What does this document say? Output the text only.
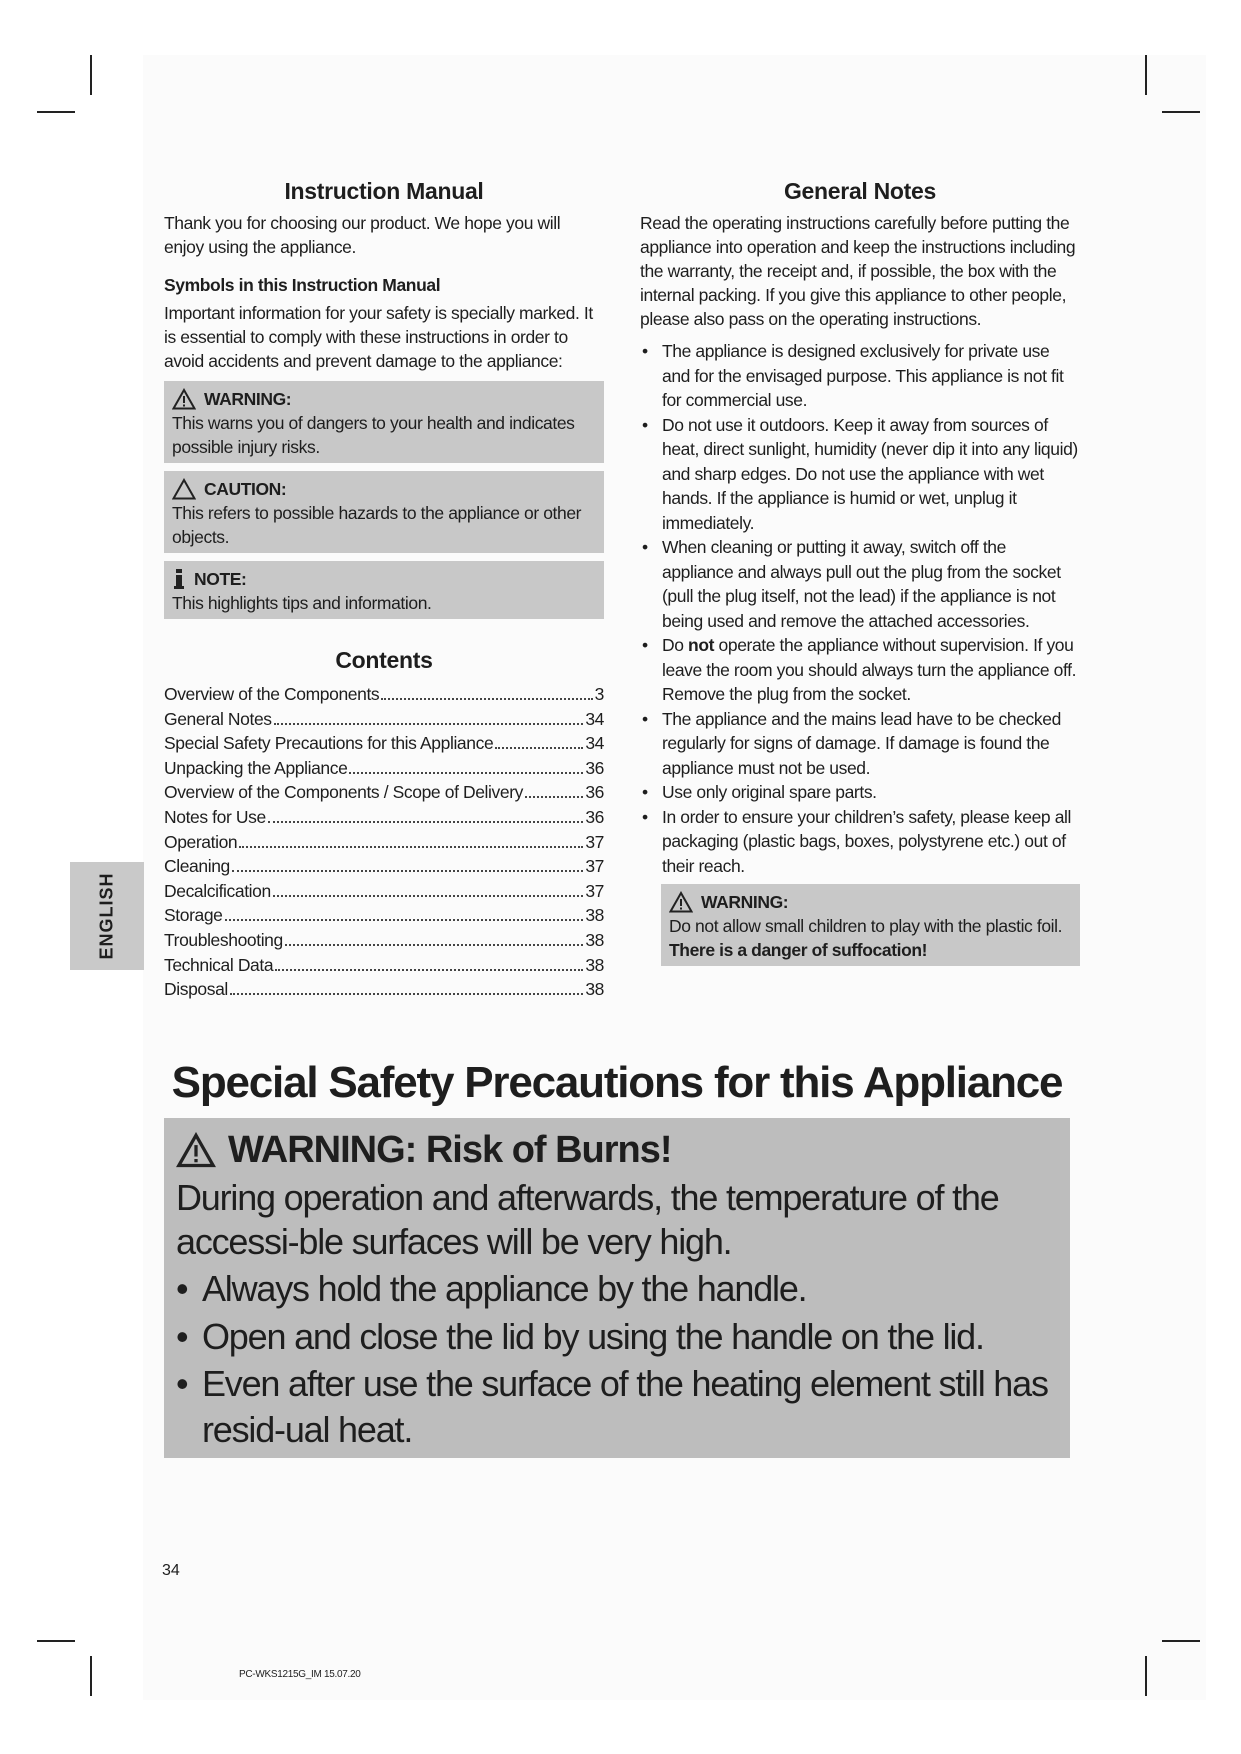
Instruction Manual

Thank you for choosing our product. We hope you will enjoy using the appliance.

Symbols in this Instruction Manual

Important information for your safety is specially marked. It is essential to comply with these instructions in order to avoid accidents and prevent damage to the appliance:

WARNING:

This warns you of dangers to your health and indicates possible injury risks.

CAUTION:

This refers to possible hazards to the appliance or other objects.

NOTE:

This highlights tips and information.

Contents
Overview of the Components	3
General Notes	34
Special Safety Precautions for this Appliance	34
Unpacking the Appliance	36
Overview of the Components / Scope of Delivery	36
Notes for Use	36
Operation	37
Cleaning	37
Decalcification	37
Storage	38
Troubleshooting	38
Technical Data	38
Disposal	38
General Notes

Read the operating instructions carefully before putting the appliance into operation and keep the instructions including the warranty, the receipt and, if possible, the box with the internal packing. If you give this appliance to other people, please also pass on the operating instructions.

• The appliance is designed exclusively for private use and for the envisaged purpose. This appliance is not fit for commercial use.
• Do not use it outdoors. Keep it away from sources of heat, direct sunlight, humidity (never dip it into any liquid) and sharp edges. Do not use the appliance with wet hands. If the appliance is humid or wet, unplug it immediately.
• When cleaning or putting it away, switch off the appliance and always pull out the plug from the socket (pull the plug itself, not the lead) if the appliance is not being used and remove the attached accessories.
• Do not operate the appliance without supervision. If you leave the room you should always turn the appliance off. Remove the plug from the socket.
• The appliance and the mains lead have to be checked regularly for signs of damage. If damage is found the appliance must not be used.
• Use only original spare parts.
• In order to ensure your children’s safety, please keep all packaging (plastic bags, boxes, polystyrene etc.) out of their reach.
WARNING:

Do not allow small children to play with the plastic foil.

There is a danger of suffocation!

ENGLISH
Special Safety Precautions for this Appliance
WARNING: Risk of Burns!

During operation and afterwards, the temperature of the accessi-ble surfaces will be very high.

• Always hold the appliance by the handle.
• Open and close the lid by using the handle on the lid.
• Even after use the surface of the heating element still has resid-ual heat.
34
PC-WKS1215G_IM 15.07.20
